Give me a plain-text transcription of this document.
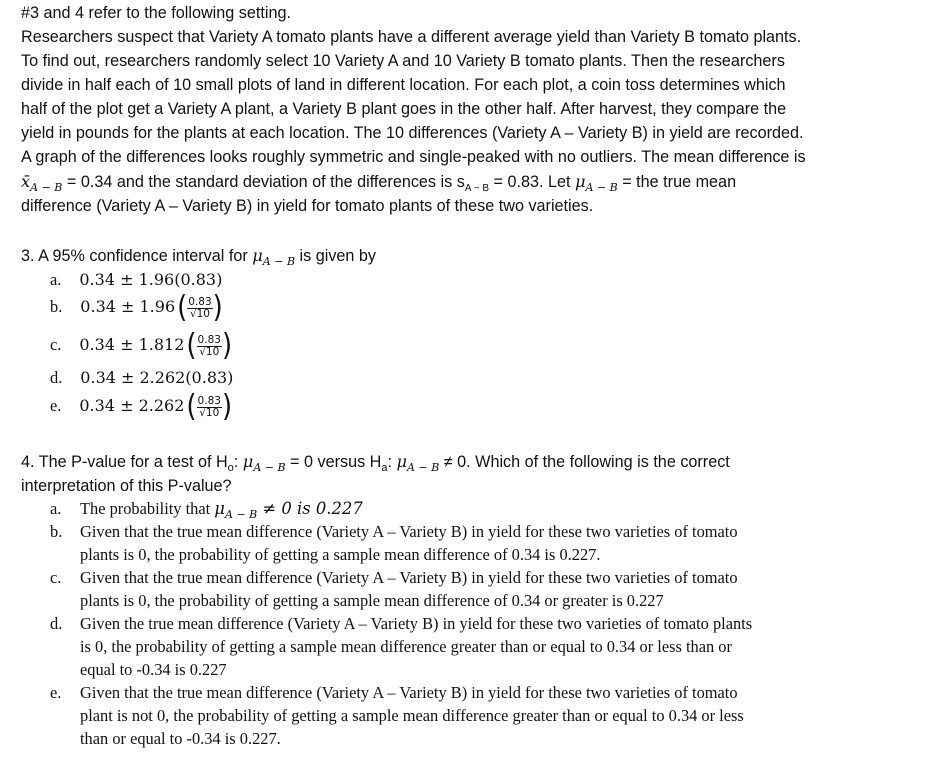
#3 and 4 refer to the following setting.
Researchers suspect that Variety A tomato plants have a different average yield than Variety B tomato plants.
To find out, researchers randomly select 10 Variety A and 10 Variety B tomato plants. Then the researchers
divide in half each of 10 small plots of land in different location. For each plot, a coin toss determines which
half of the plot get a Variety A plant, a Variety B plant goes in the other half. After harvest, they compare the
yield in pounds for the plants at each location. The 10 differences (Variety A – Variety B) in yield are recorded.
A graph of the differences looks roughly symmetric and single-peaked with no outliers. The mean difference is
$x̄_{A - B} = 0.34$ and the standard deviation of the differences is $s_{A - B} = 0.83$. Let $\mu_{A - B}$ = the true mean
difference (Variety A – Variety B) in yield for tomato plants of these two varieties.
3. A 95% confidence interval for $\mu_{A - B}$ is given by
a. 0.34 ± 1.96(0.83)
b. 0.34 ± 1.96 ( $\frac{0.83}{√10}$ )
c. 0.34 ± 1.812 ( $\frac{0.83}{√10}$ )
d. 0.34 ± 2.262(0.83)
e. 0.34 ± 2.262 ( $\frac{0.83}{√10}$ )
4. The P-value for a test of $H_o$: $\mu_{A - B} = 0$ versus $H_a$: $\mu_{A - B} \ne 0$. Which of the following is the correct
interpretation of this P-value?
a. The probability that $\mu_{A - B} \ne 0$ is 0.227
b. Given that the true mean difference (Variety A – Variety B) in yield for these two varieties of tomato
plants is 0, the probability of getting a sample mean difference of 0.34 is 0.227.
c. Given that the true mean difference (Variety A – Variety B) in yield for these two varieties of tomato
plants is 0, the probability of getting a sample mean difference of 0.34 or greater is 0.227
d. Given the true mean difference (Variety A – Variety B) in yield for these two varieties of tomato plants
is 0, the probability of getting a sample mean difference greater than or equal to 0.34 or less than or
equal to -0.34 is 0.227
e. Given that the true mean difference (Variety A – Variety B) in yield for these two varieties of tomato
plant is not 0, the probability of getting a sample mean difference greater than or equal to 0.34 or less
than or equal to -0.34 is 0.227.
